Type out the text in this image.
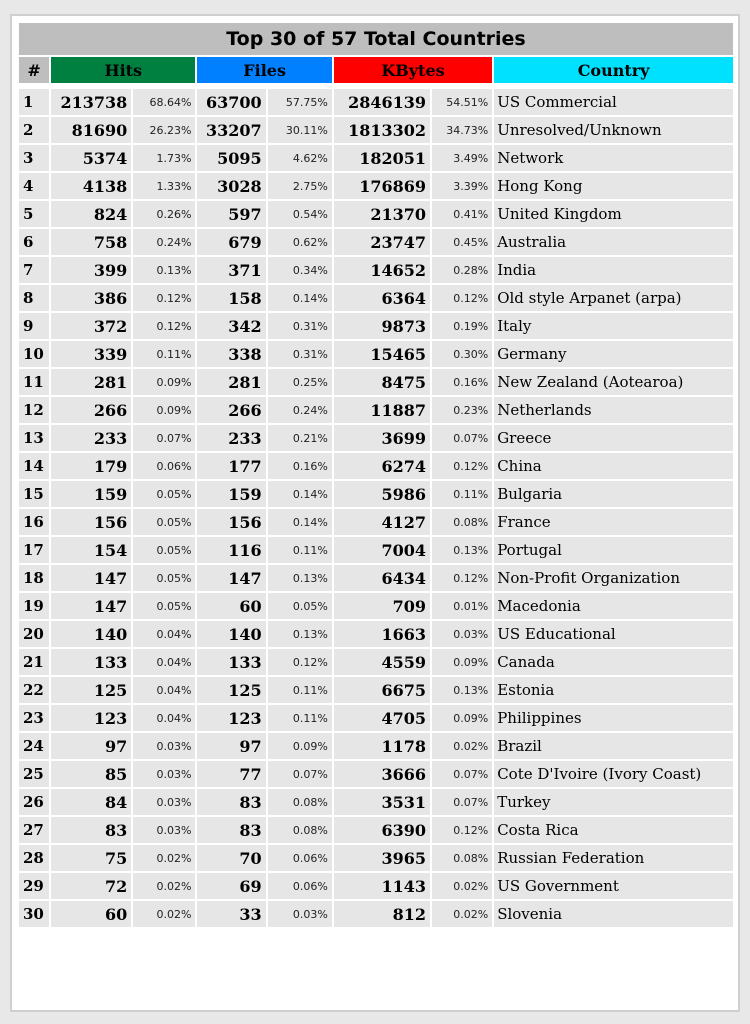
Top 30 of 57 Total Countries							
#	Hits		Files		KBytes		Country

1	213738	68.64%	63700	57.75%	2846139	54.51%	US Commercial
2	81690	26.23%	33207	30.11%	1813302	34.73%	Unresolved/Unknown
3	5374	1.73%	5095	4.62%	182051	3.49%	Network
4	4138	1.33%	3028	2.75%	176869	3.39%	Hong Kong
5	824	0.26%	597	0.54%	21370	0.41%	United Kingdom
6	758	0.24%	679	0.62%	23747	0.45%	Australia
7	399	0.13%	371	0.34%	14652	0.28%	India
8	386	0.12%	158	0.14%	6364	0.12%	Old style Arpanet (arpa)
9	372	0.12%	342	0.31%	9873	0.19%	Italy
10	339	0.11%	338	0.31%	15465	0.30%	Germany
11	281	0.09%	281	0.25%	8475	0.16%	New Zealand (Aotearoa)
12	266	0.09%	266	0.24%	11887	0.23%	Netherlands
13	233	0.07%	233	0.21%	3699	0.07%	Greece
14	179	0.06%	177	0.16%	6274	0.12%	China
15	159	0.05%	159	0.14%	5986	0.11%	Bulgaria
16	156	0.05%	156	0.14%	4127	0.08%	France
17	154	0.05%	116	0.11%	7004	0.13%	Portugal
18	147	0.05%	147	0.13%	6434	0.12%	Non-Profit Organization
19	147	0.05%	60	0.05%	709	0.01%	Macedonia
20	140	0.04%	140	0.13%	1663	0.03%	US Educational
21	133	0.04%	133	0.12%	4559	0.09%	Canada
22	125	0.04%	125	0.11%	6675	0.13%	Estonia
23	123	0.04%	123	0.11%	4705	0.09%	Philippines
24	97	0.03%	97	0.09%	1178	0.02%	Brazil
25	85	0.03%	77	0.07%	3666	0.07%	Cote D'Ivoire (Ivory Coast)
26	84	0.03%	83	0.08%	3531	0.07%	Turkey
27	83	0.03%	83	0.08%	6390	0.12%	Costa Rica
28	75	0.02%	70	0.06%	3965	0.08%	Russian Federation
29	72	0.02%	69	0.06%	1143	0.02%	US Government
30	60	0.02%	33	0.03%	812	0.02%	Slovenia
